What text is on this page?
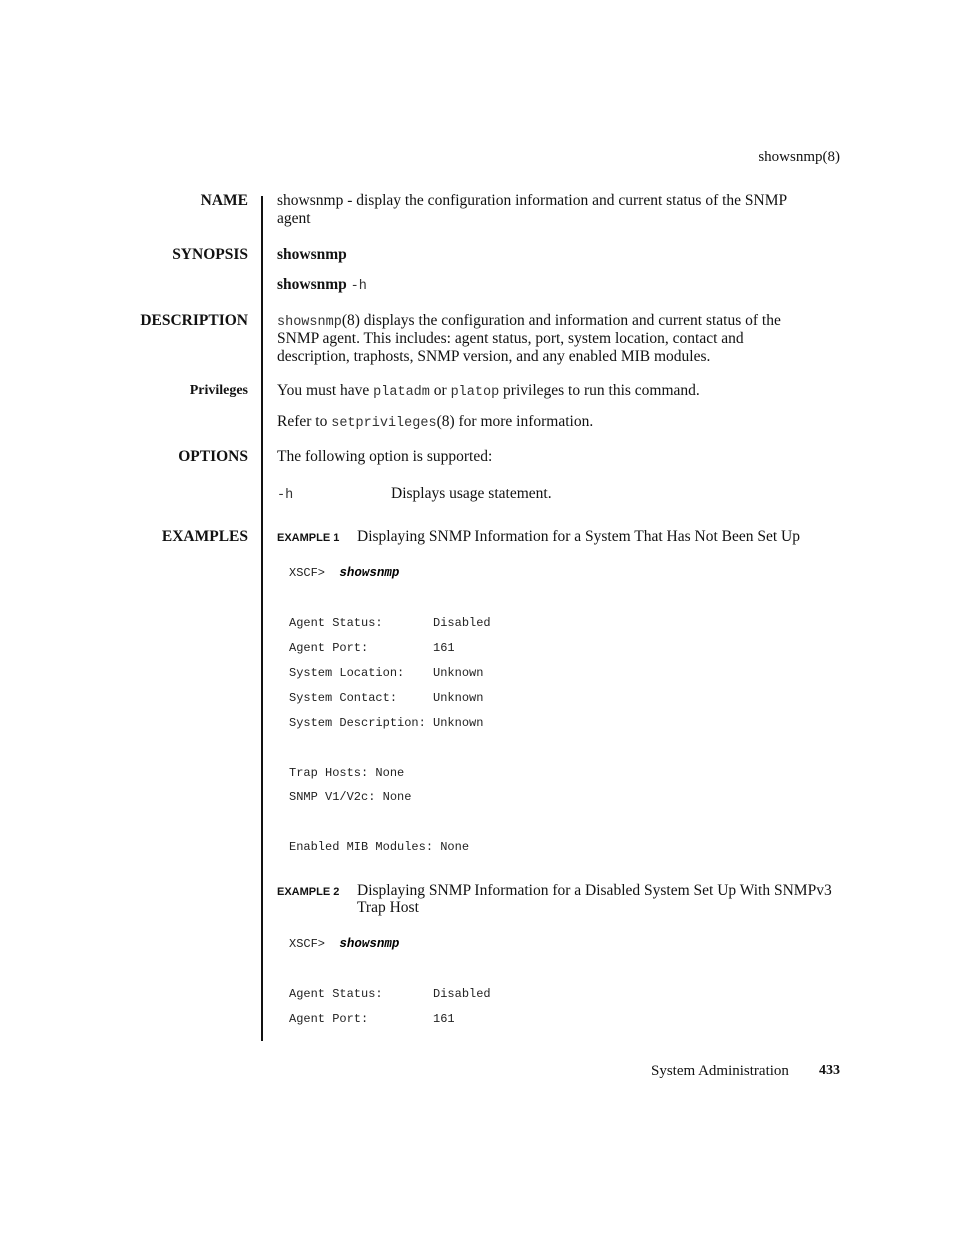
showsnmp(8)
NAME showsnmp - display the configuration information and current status of the SNMP
agent
SYNOPSIS showsnmp
showsnmp -h
DESCRIPTION showsnmp(8) displays the configuration and information and current status of the
SNMP agent. This includes: agent status, port, system location, contact and
description, traphosts, SNMP version, and any enabled MIB modules.
Privileges You must have platadm or platop privileges to run this command.
Refer to setprivileges(8) for more information.
OPTIONS The following option is supported:
-h	Displays usage statement.
EXAMPLES	EXAMPLE 1 Displaying SNMP Information for a System That Has Not Been Set Up
XSCF> showsnmp
Agent Status:       Disabled
Agent Port:         161
System Location:    Unknown
System Contact:     Unknown
System Description: Unknown
Trap Hosts: None
SNMP V1/V2c: None
Enabled MIB Modules: None
EXAMPLE 2 Displaying SNMP Information for a Disabled System Set Up With SNMPv3
Trap Host
XSCF> showsnmp
Agent Status:       Disabled
Agent Port:         161
System Administration 433
